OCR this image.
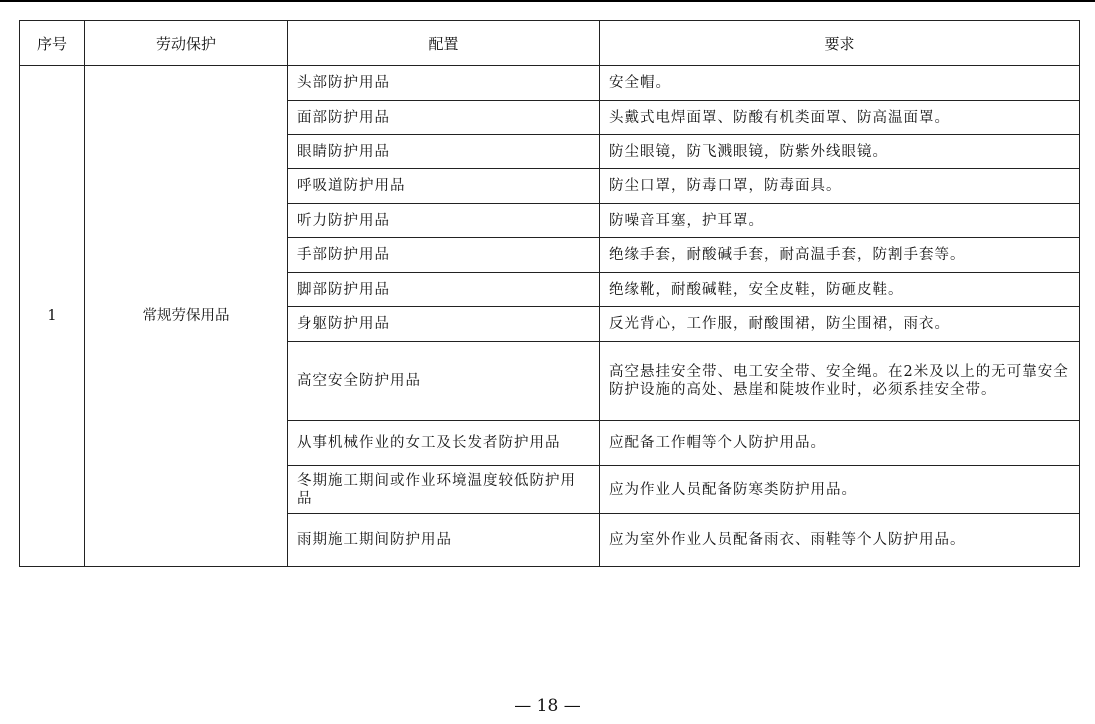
序号	劳动保护	配置	要求
1	常规劳保用品	头部防护用品	安全帽。
		面部防护用品	头戴式电焊面罩、防酸有机类面罩、防高温面罩。
		眼睛防护用品	防尘眼镜，防飞溅眼镜，防紫外线眼镜。
		呼吸道防护用品	防尘口罩，防毒口罩，防毒面具。
		听力防护用品	防噪音耳塞，护耳罩。
		手部防护用品	绝缘手套，耐酸碱手套，耐高温手套，防割手套等。
		脚部防护用品	绝缘靴，耐酸碱鞋，安全皮鞋，防砸皮鞋。
		身躯防护用品	反光背心，工作服，耐酸围裙，防尘围裙，雨衣。
		高空安全防护用品	高空悬挂安全带、电工安全带、安全绳。在2米及以上的无可靠安全防护设施的高处、悬崖和陡坡作业时，必须系挂安全带。
		从事机械作业的女工及长发者防护用品	应配备工作帽等个人防护用品。
		冬期施工期间或作业环境温度较低防护用品	应为作业人员配备防寒类防护用品。
		雨期施工期间防护用品	应为室外作业人员配备雨衣、雨鞋等个人防护用品。
— 18 —
